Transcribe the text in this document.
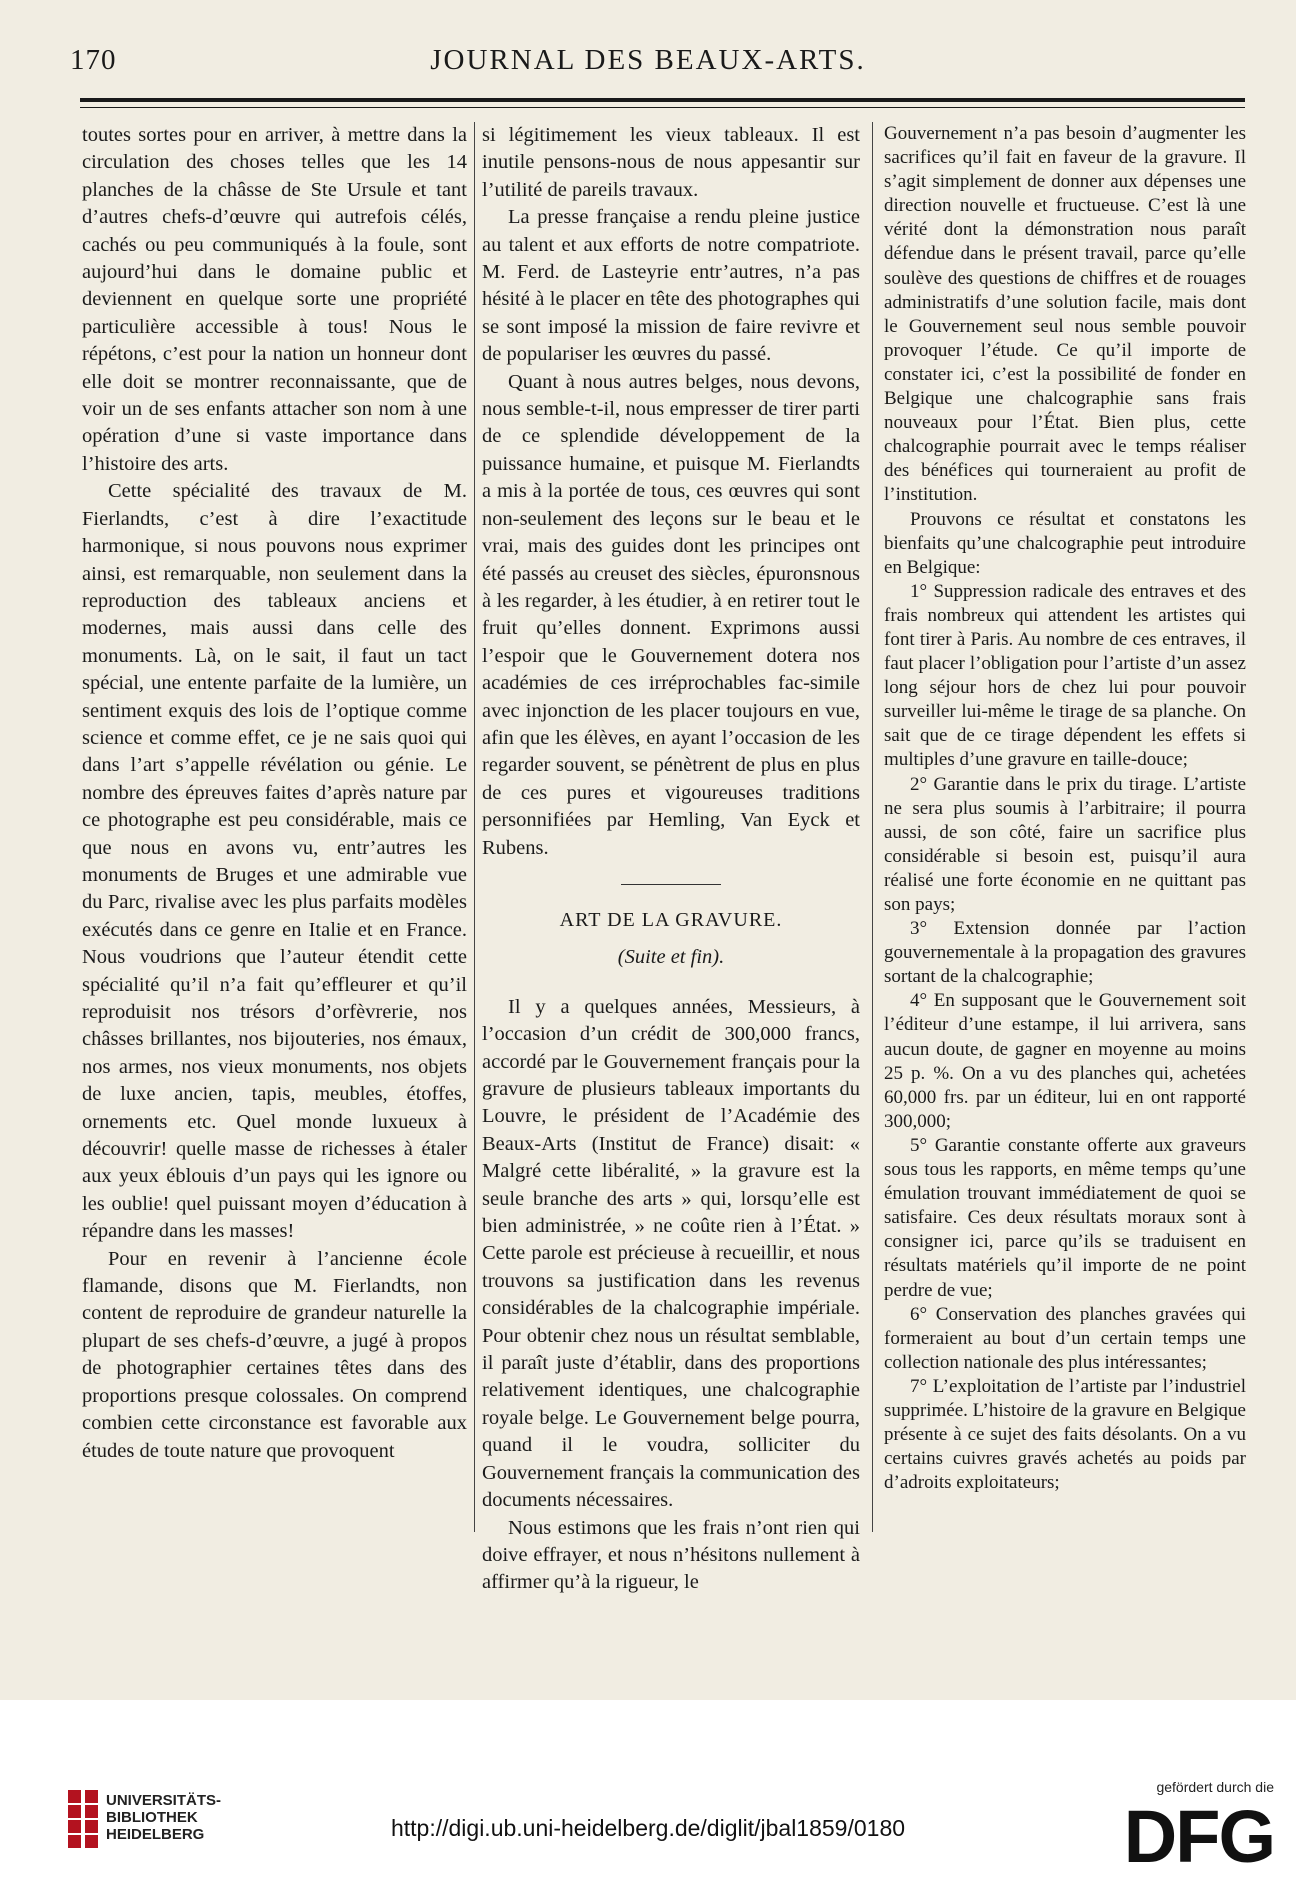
170	JOURNAL DES BEAUX-ARTS.

toutes sortes pour en arriver, à mettre dans la circulation des choses telles que les 14 planches de la châsse de Ste Ursule et tant d’autres chefs-d’œuvre qui autrefois célés, cachés ou peu communiqués à la foule, sont aujourd’hui dans le domaine public et deviennent en quelque sorte une propriété particulière accessible à tous! Nous le répétons, c’est pour la nation un honneur dont elle doit se montrer reconnaissante, que de voir un de ses enfants attacher son nom à une opération d’une si vaste importance dans l’histoire des arts.

Cette spécialité des travaux de M. Fierlandts, c’est à dire l’exactitude harmonique, si nous pouvons nous exprimer ainsi, est remarquable, non seulement dans la reproduction des tableaux anciens et modernes, mais aussi dans celle des monuments. Là, on le sait, il faut un tact spécial, une entente parfaite de la lumière, un sentiment exquis des lois de l’optique comme science et comme effet, ce je ne sais quoi qui dans l’art s’appelle révélation ou génie. Le nombre des épreuves faites d’après nature par ce photographe est peu considérable, mais ce que nous en avons vu, entr’autres les monuments de Bruges et une admirable vue du Parc, rivalise avec les plus parfaits modèles exécutés dans ce genre en Italie et en France. Nous voudrions que l’auteur étendit cette spécialité qu’il n’a fait qu’effleurer et qu’il reproduisit nos trésors d’orfèvrerie, nos châsses brillantes, nos bijouteries, nos émaux, nos armes, nos vieux monuments, nos objets de luxe ancien, tapis, meubles, étoffes, ornements etc. Quel monde luxueux à découvrir! quelle masse de richesses à étaler aux yeux éblouis d’un pays qui les ignore ou les oublie! quel puissant moyen d’éducation à répandre dans les masses!

Pour en revenir à l’ancienne école flamande, disons que M. Fierlandts, non content de reproduire de grandeur naturelle la plupart de ses chefs-d’œuvre, a jugé à propos de photographier certaines têtes dans des proportions presque colossales. On comprend combien cette circonstance est favorable aux études de toute nature que provoquent

si légitimement les vieux tableaux. Il est inutile pensons-nous de nous appesantir sur l’utilité de pareils travaux.

La presse française a rendu pleine justice au talent et aux efforts de notre compatriote. M. Ferd. de Lasteyrie entr’autres, n’a pas hésité à le placer en tête des photographes qui se sont imposé la mission de faire revivre et de populariser les œuvres du passé.

Quant à nous autres belges, nous devons, nous semble-t-il, nous empresser de tirer parti de ce splendide développement de la puissance humaine, et puisque M. Fierlandts a mis à la portée de tous, ces œuvres qui sont non-seulement des leçons sur le beau et le vrai, mais des guides dont les principes ont été passés au creuset des siècles, épuronsnous à les regarder, à les étudier, à en retirer tout le fruit qu’elles donnent. Exprimons aussi l’espoir que le Gouvernement dotera nos académies de ces irréprochables fac-simile avec injonction de les placer toujours en vue, afin que les élèves, en ayant l’occasion de les regarder souvent, se pénètrent de plus en plus de ces pures et vigoureuses traditions personnifiées par Hemling, Van Eyck et Rubens.

ART DE LA GRAVURE.
(Suite et fin).

Il y a quelques années, Messieurs, à l’occasion d’un crédit de 300,000 francs, accordé par le Gouvernement français pour la gravure de plusieurs tableaux importants du Louvre, le président de l’Académie des Beaux-Arts (Institut de France) disait: « Malgré cette libéralité, » la gravure est la seule branche des arts » qui, lorsqu’elle est bien administrée, » ne coûte rien à l’État. » Cette parole est précieuse à recueillir, et nous trouvons sa justification dans les revenus considérables de la chalcographie impériale. Pour obtenir chez nous un résultat semblable, il paraît juste d’établir, dans des proportions relativement identiques, une chalcographie royale belge. Le Gouvernement belge pourra, quand il le voudra, solliciter du Gouvernement français la communication des documents nécessaires.

Nous estimons que les frais n’ont rien qui doive effrayer, et nous n’hésitons nullement à affirmer qu’à la rigueur, le

Gouvernement n’a pas besoin d’augmenter les sacrifices qu’il fait en faveur de la gravure. Il s’agit simplement de donner aux dépenses une direction nouvelle et fructueuse. C’est là une vérité dont la démonstration nous paraît défendue dans le présent travail, parce qu’elle soulève des questions de chiffres et de rouages administratifs d’une solution facile, mais dont le Gouvernement seul nous semble pouvoir provoquer l’étude. Ce qu’il importe de constater ici, c’est la possibilité de fonder en Belgique une chalcographie sans frais nouveaux pour l’État. Bien plus, cette chalcographie pourrait avec le temps réaliser des bénéfices qui tourneraient au profit de l’institution.

Prouvons ce résultat et constatons les bienfaits qu’une chalcographie peut introduire en Belgique:

1° Suppression radicale des entraves et des frais nombreux qui attendent les artistes qui font tirer à Paris. Au nombre de ces entraves, il faut placer l’obligation pour l’artiste d’un assez long séjour hors de chez lui pour pouvoir surveiller lui-même le tirage de sa planche. On sait que de ce tirage dépendent les effets si multiples d’une gravure en taille-douce;

2° Garantie dans le prix du tirage. L’artiste ne sera plus soumis à l’arbitraire; il pourra aussi, de son côté, faire un sacrifice plus considérable si besoin est, puisqu’il aura réalisé une forte économie en ne quittant pas son pays;

3° Extension donnée par l’action gouvernementale à la propagation des gravures sortant de la chalcographie;

4° En supposant que le Gouvernement soit l’éditeur d’une estampe, il lui arrivera, sans aucun doute, de gagner en moyenne au moins 25 p. %. On a vu des planches qui, achetées 60,000 frs. par un éditeur, lui en ont rapporté 300,000;

5° Garantie constante offerte aux graveurs sous tous les rapports, en même temps qu’une émulation trouvant immédiatement de quoi se satisfaire. Ces deux résultats moraux sont à consigner ici, parce qu’ils se traduisent en résultats matériels qu’il importe de ne point perdre de vue;

6° Conservation des planches gravées qui formeraient au bout d’un certain temps une collection nationale des plus intéressantes;

7° L’exploitation de l’artiste par l’industriel supprimée. L’histoire de la gravure en Belgique présente à ce sujet des faits désolants. On a vu certains cuivres gravés achetés au poids par d’adroits exploitateurs;

UNIVERSITÄTS-
BIBLIOTHEK
HEIDELBERG	http://digi.ub.uni-heidelberg.de/diglit/jbal1859/0180
gefördert durch die
DFG
